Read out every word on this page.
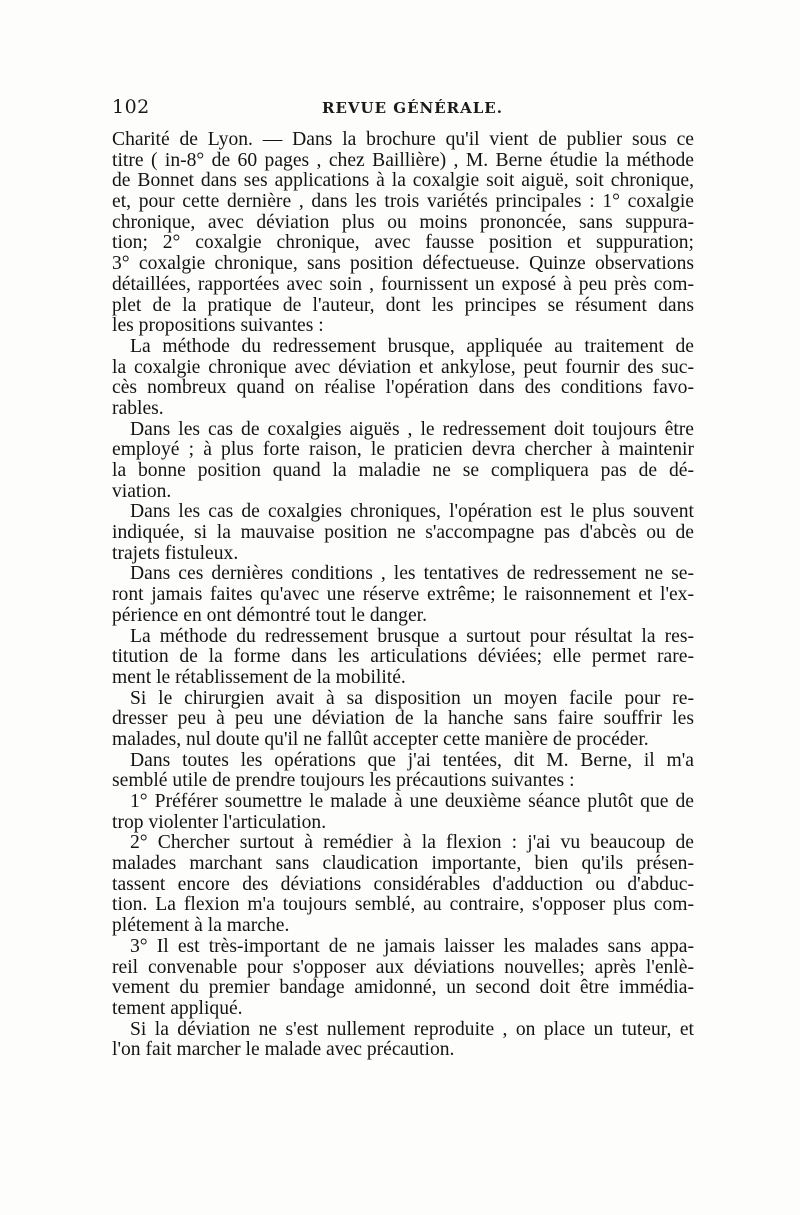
102	REVUE GÉNÉRALE.
Charité de Lyon. — Dans la brochure qu'il vient de publier sous ce
titre ( in-8° de 60 pages , chez Baillière) , M. Berne étudie la méthode
de Bonnet dans ses applications à la coxalgie soit aiguë, soit chronique,
et, pour cette dernière , dans les trois variétés principales : 1° coxalgie
chronique, avec déviation plus ou moins prononcée, sans suppura-
tion; 2° coxalgie chronique, avec fausse position et suppuration;
3° coxalgie chronique, sans position défectueuse. Quinze observations
détaillées, rapportées avec soin , fournissent un exposé à peu près com-
plet de la pratique de l'auteur, dont les principes se résument dans
les propositions suivantes :
La méthode du redressement brusque, appliquée au traitement de
la coxalgie chronique avec déviation et ankylose, peut fournir des suc-
cès nombreux quand on réalise l'opération dans des conditions favo-
rables.
Dans les cas de coxalgies aiguës , le redressement doit toujours être
employé ; à plus forte raison, le praticien devra chercher à maintenir
la bonne position quand la maladie ne se compliquera pas de dé-
viation.
Dans les cas de coxalgies chroniques, l'opération est le plus souvent
indiquée, si la mauvaise position ne s'accompagne pas d'abcès ou de
trajets fistuleux.
Dans ces dernières conditions , les tentatives de redressement ne se-
ront jamais faites qu'avec une réserve extrême; le raisonnement et l'ex-
périence en ont démontré tout le danger.
La méthode du redressement brusque a surtout pour résultat la res-
titution de la forme dans les articulations déviées; elle permet rare-
ment le rétablissement de la mobilité.
Si le chirurgien avait à sa disposition un moyen facile pour re-
dresser peu à peu une déviation de la hanche sans faire souffrir les
malades, nul doute qu'il ne fallût accepter cette manière de procéder.
Dans toutes les opérations que j'ai tentées, dit M. Berne, il m'a
semblé utile de prendre toujours les précautions suivantes :
1° Préférer soumettre le malade à une deuxième séance plutôt que de
trop violenter l'articulation.
2° Chercher surtout à remédier à la flexion : j'ai vu beaucoup de
malades marchant sans claudication importante, bien qu'ils présen-
tassent encore des déviations considérables d'adduction ou d'abduc-
tion. La flexion m'a toujours semblé, au contraire, s'opposer plus com-
plétement à la marche.
3° Il est très-important de ne jamais laisser les malades sans appa-
reil convenable pour s'opposer aux déviations nouvelles; après l'enlè-
vement du premier bandage amidonné, un second doit être immédia-
tement appliqué.
Si la déviation ne s'est nullement reproduite , on place un tuteur, et
l'on fait marcher le malade avec précaution.
